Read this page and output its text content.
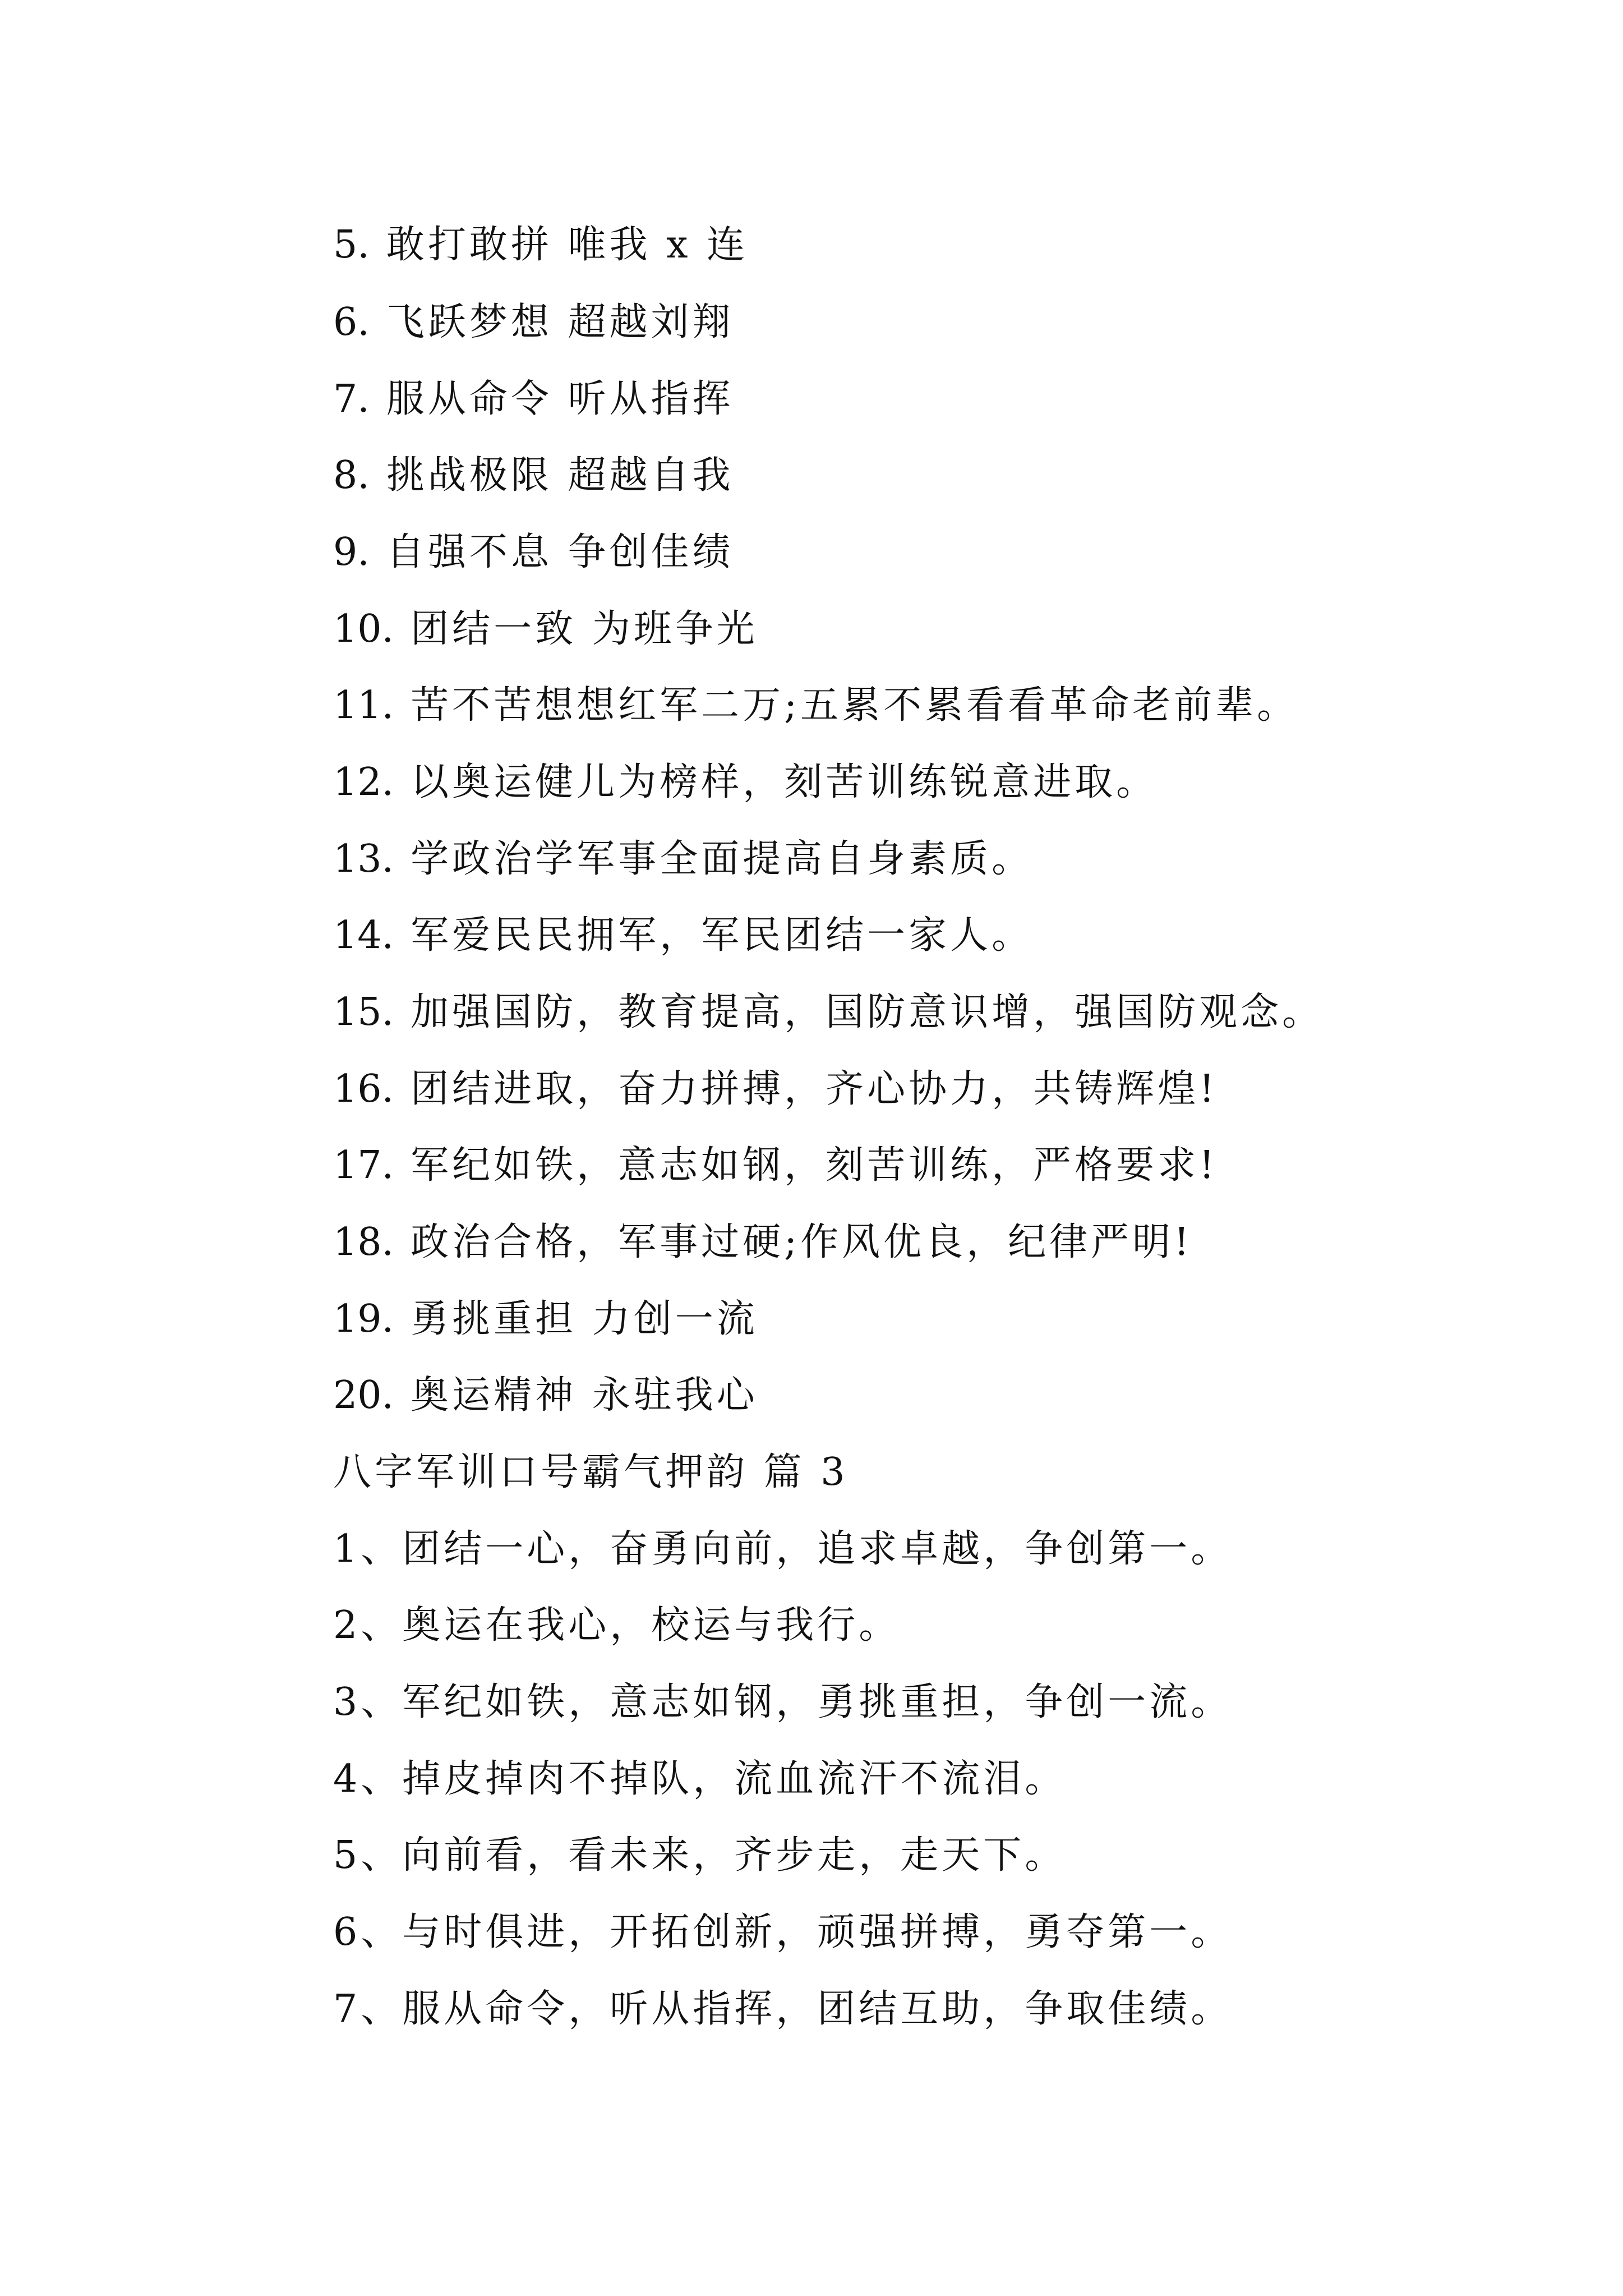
5. 敢打敢拼 唯我 x 连
6. 飞跃梦想 超越刘翔
7. 服从命令 听从指挥
8. 挑战极限 超越自我
9. 自强不息 争创佳绩
10. 团结一致 为班争光
11. 苦不苦想想红军二万;五累不累看看革命老前辈。
12. 以奥运健儿为榜样，刻苦训练锐意进取。
13. 学政治学军事全面提高自身素质。
14. 军爱民民拥军，军民团结一家人。
15. 加强国防，教育提高，国防意识增，强国防观念。
16. 团结进取，奋力拼搏，齐心协力，共铸辉煌!
17. 军纪如铁，意志如钢，刻苦训练，严格要求!
18. 政治合格，军事过硬;作风优良，纪律严明!
19. 勇挑重担 力创一流
20. 奥运精神 永驻我心
八字军训口号霸气押韵 篇 3
1、团结一心，奋勇向前，追求卓越，争创第一。
2、奥运在我心，校运与我行。
3、军纪如铁，意志如钢，勇挑重担，争创一流。
4、掉皮掉肉不掉队，流血流汗不流泪。
5、向前看，看未来，齐步走，走天下。
6、与时俱进，开拓创新，顽强拼搏，勇夺第一。
7、服从命令，听从指挥，团结互助，争取佳绩。
